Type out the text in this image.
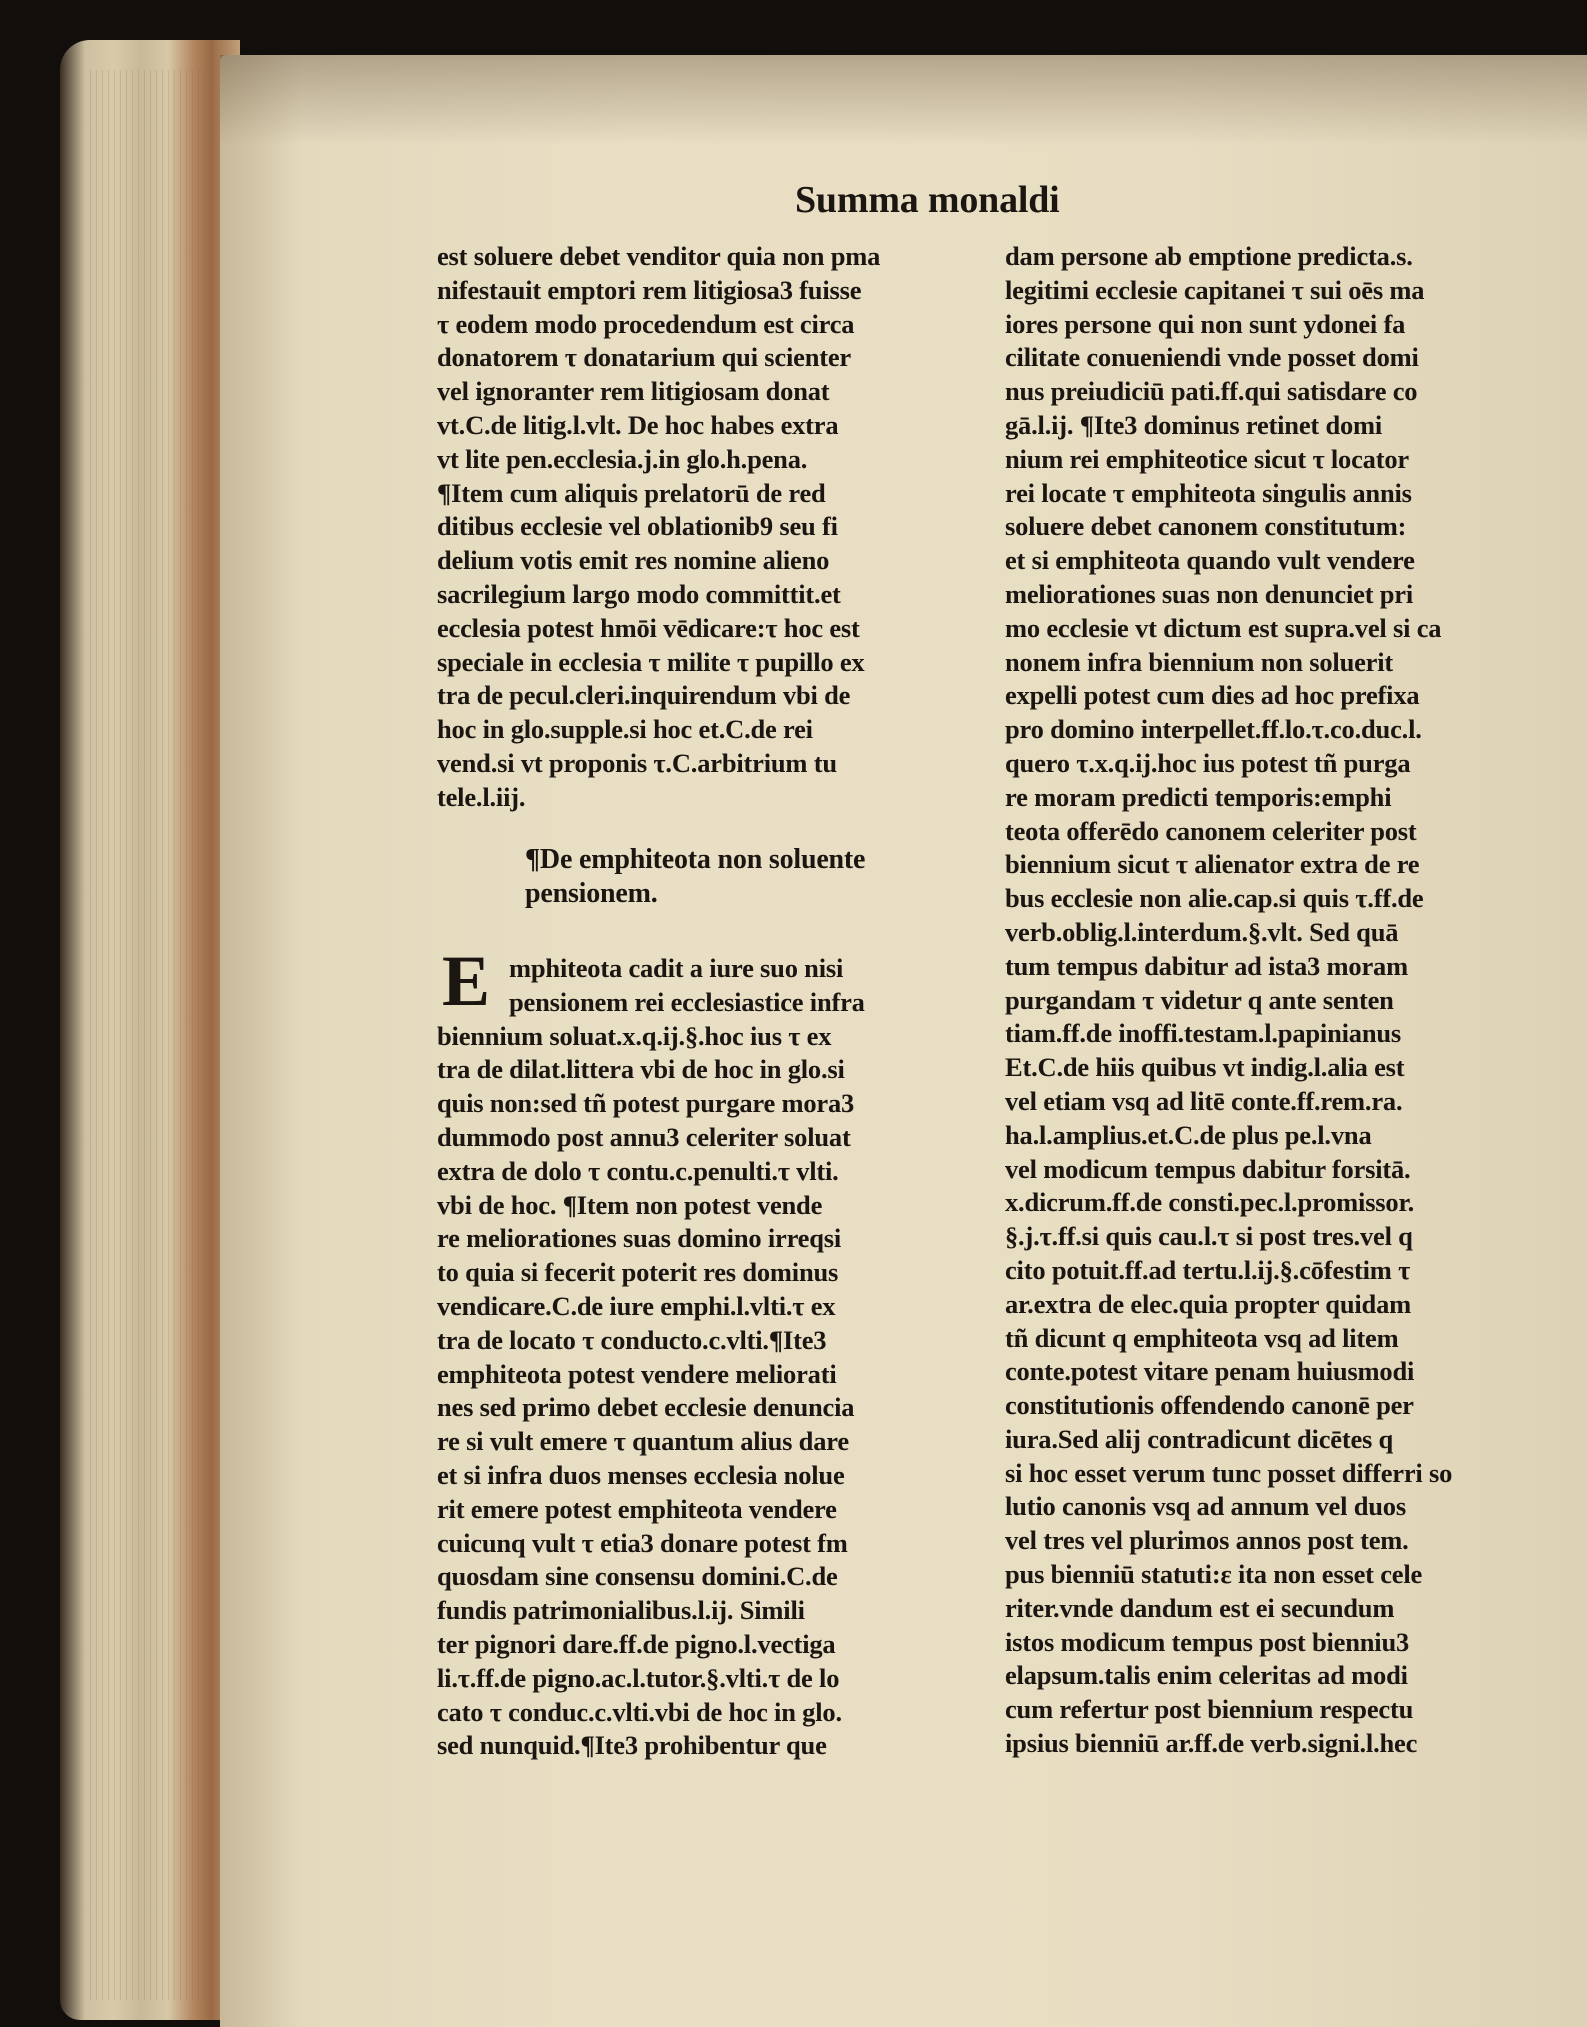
Summa monaldi
est soluere debet venditor quia non pma
nifestauit emptori rem litigiosa3 fuisse
τ eodem modo procedendum est circa
donatorem τ donatarium qui scienter
vel ignoranter rem litigiosam donat
vt.C.de litig.l.vlt. De hoc habes extra
vt lite pen.ecclesia.j.in glo.h.pena.
¶Item cum aliquis prelatorū de red
ditibus ecclesie vel oblationib9 seu fi
delium votis emit res nomine alieno
sacrilegium largo modo committit.et
ecclesia potest hmōi vēdicare:τ hoc est
speciale in ecclesia τ milite τ pupillo ex
tra de pecul.cleri.inquirendum vbi de
hoc in glo.supple.si hoc et.C.de rei
vend.si vt proponis τ.C.arbitrium tu
tele.l.iij.
¶De emphiteota non soluente
pensionem.
E mphiteota cadit a iure suo nisi
pensionem rei ecclesiastice infra
biennium soluat.x.q.ij.§.hoc ius τ ex
tra de dilat.littera vbi de hoc in glo.si
quis non:sed tñ potest purgare mora3
dummodo post annu3 celeriter soluat
extra de dolo τ contu.c.penulti.τ vlti.
vbi de hoc. ¶Item non potest vende
re meliorationes suas domino irreqsi
to quia si fecerit poterit res dominus
vendicare.C.de iure emphi.l.vlti.τ ex
tra de locato τ conducto.c.vlti.¶Ite3
emphiteota potest vendere meliorati
nes sed primo debet ecclesie denuncia
re si vult emere τ quantum alius dare
et si infra duos menses ecclesia nolue
rit emere potest emphiteota vendere
cuicunq vult τ etia3 donare potest fm
quosdam sine consensu domini.C.de
fundis patrimonialibus.l.ij. Simili
ter pignori dare.ff.de pigno.l.vectiga
li.τ.ff.de pigno.ac.l.tutor.§.vlti.τ de lo
cato τ conduc.c.vlti.vbi de hoc in glo.
sed nunquid.¶Ite3 prohibentur que
dam persone ab emptione predicta.s.
legitimi ecclesie capitanei τ sui oēs ma
iores persone qui non sunt ydonei fa
cilitate conueniendi vnde posset domi
nus preiudiciū pati.ff.qui satisdare co
gā.l.ij. ¶Ite3 dominus retinet domi
nium rei emphiteotice sicut τ locator
rei locate τ emphiteota singulis annis
soluere debet canonem constitutum:
et si emphiteota quando vult vendere
meliorationes suas non denunciet pri
mo ecclesie vt dictum est supra.vel si ca
nonem infra biennium non soluerit
expelli potest cum dies ad hoc prefixa
pro domino interpellet.ff.lo.τ.co.duc.l.
quero τ.x.q.ij.hoc ius potest tñ purga
re moram predicti temporis:emphi
teota offerēdo canonem celeriter post
biennium sicut τ alienator extra de re
bus ecclesie non alie.cap.si quis τ.ff.de
verb.oblig.l.interdum.§.vlt. Sed quā
tum tempus dabitur ad ista3 moram
purgandam τ videtur q ante senten
tiam.ff.de inoffi.testam.l.papinianus
Et.C.de hiis quibus vt indig.l.alia est
vel etiam vsq ad litē conte.ff.rem.ra.
ha.l.amplius.et.C.de plus pe.l.vna
vel modicum tempus dabitur forsitā.
x.dicrum.ff.de consti.pec.l.promissor.
§.j.τ.ff.si quis cau.l.τ si post tres.vel q
cito potuit.ff.ad tertu.l.ij.§.cōfestim τ
ar.extra de elec.quia propter quidam
tñ dicunt q emphiteota vsq ad litem
conte.potest vitare penam huiusmodi
constitutionis offendendo canonē per
iura.Sed alij contradicunt dicētes q
si hoc esset verum tunc posset differri so
lutio canonis vsq ad annum vel duos
vel tres vel plurimos annos post tem.
pus bienniū statuti:ε ita non esset cele
riter.vnde dandum est ei secundum
istos modicum tempus post bienniu3
elapsum.talis enim celeritas ad modi
cum refertur post biennium respectu
ipsius bienniū ar.ff.de verb.signi.l.hec
